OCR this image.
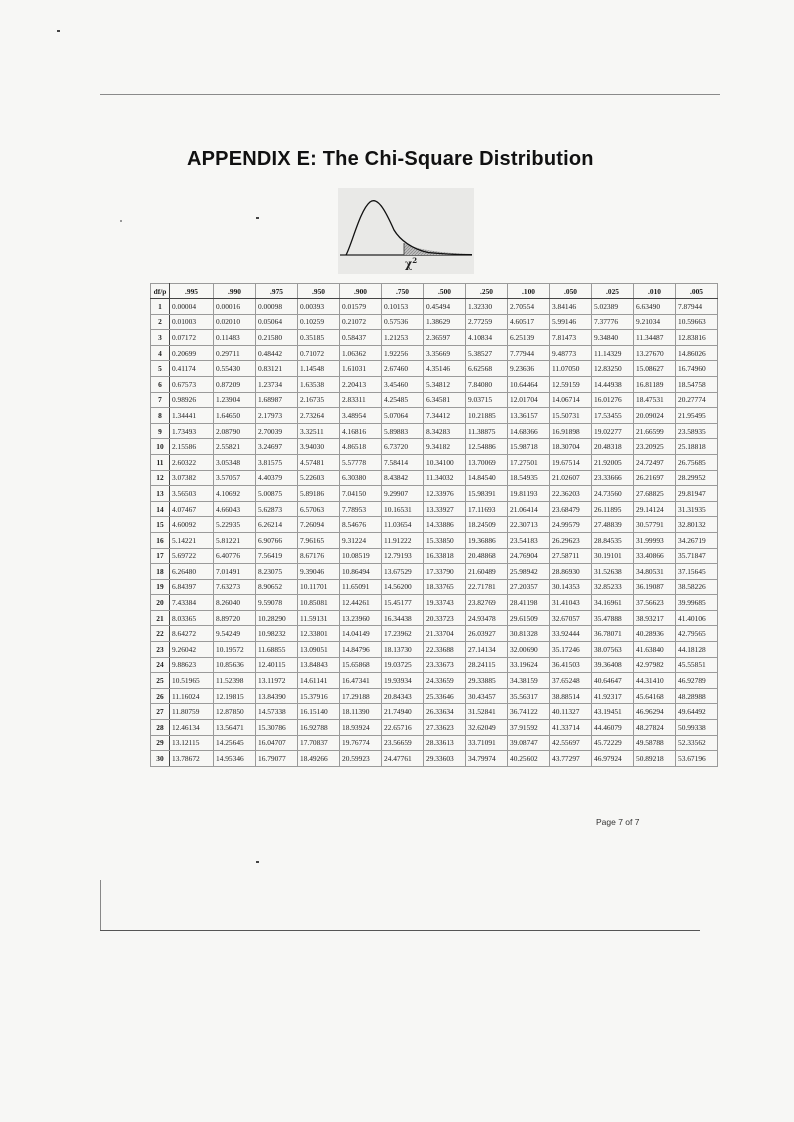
APPENDIX E: The Chi-Square Distribution
$\chi^2$
df/p	.995	.990	.975	.950	.900	.750	.500	.250	.100	.050	.025	.010	.005
1	0.00004	0.00016	0.00098	0.00393	0.01579	0.10153	0.45494	1.32330	2.70554	3.84146	5.02389	6.63490	7.87944
2	0.01003	0.02010	0.05064	0.10259	0.21072	0.57536	1.38629	2.77259	4.60517	5.99146	7.37776	9.21034	10.59663
3	0.07172	0.11483	0.21580	0.35185	0.58437	1.21253	2.36597	4.10834	6.25139	7.81473	9.34840	11.34487	12.83816
4	0.20699	0.29711	0.48442	0.71072	1.06362	1.92256	3.35669	5.38527	7.77944	9.48773	11.14329	13.27670	14.86026
5	0.41174	0.55430	0.83121	1.14548	1.61031	2.67460	4.35146	6.62568	9.23636	11.07050	12.83250	15.08627	16.74960
6	0.67573	0.87209	1.23734	1.63538	2.20413	3.45460	5.34812	7.84080	10.64464	12.59159	14.44938	16.81189	18.54758
7	0.98926	1.23904	1.68987	2.16735	2.83311	4.25485	6.34581	9.03715	12.01704	14.06714	16.01276	18.47531	20.27774
8	1.34441	1.64650	2.17973	2.73264	3.48954	5.07064	7.34412	10.21885	13.36157	15.50731	17.53455	20.09024	21.95495
9	1.73493	2.08790	2.70039	3.32511	4.16816	5.89883	8.34283	11.38875	14.68366	16.91898	19.02277	21.66599	23.58935
10	2.15586	2.55821	3.24697	3.94030	4.86518	6.73720	9.34182	12.54886	15.98718	18.30704	20.48318	23.20925	25.18818
11	2.60322	3.05348	3.81575	4.57481	5.57778	7.58414	10.34100	13.70069	17.27501	19.67514	21.92005	24.72497	26.75685
12	3.07382	3.57057	4.40379	5.22603	6.30380	8.43842	11.34032	14.84540	18.54935	21.02607	23.33666	26.21697	28.29952
13	3.56503	4.10692	5.00875	5.89186	7.04150	9.29907	12.33976	15.98391	19.81193	22.36203	24.73560	27.68825	29.81947
14	4.07467	4.66043	5.62873	6.57063	7.78953	10.16531	13.33927	17.11693	21.06414	23.68479	26.11895	29.14124	31.31935
15	4.60092	5.22935	6.26214	7.26094	8.54676	11.03654	14.33886	18.24509	22.30713	24.99579	27.48839	30.57791	32.80132
16	5.14221	5.81221	6.90766	7.96165	9.31224	11.91222	15.33850	19.36886	23.54183	26.29623	28.84535	31.99993	34.26719
17	5.69722	6.40776	7.56419	8.67176	10.08519	12.79193	16.33818	20.48868	24.76904	27.58711	30.19101	33.40866	35.71847
18	6.26480	7.01491	8.23075	9.39046	10.86494	13.67529	17.33790	21.60489	25.98942	28.86930	31.52638	34.80531	37.15645
19	6.84397	7.63273	8.90652	10.11701	11.65091	14.56200	18.33765	22.71781	27.20357	30.14353	32.85233	36.19087	38.58226
20	7.43384	8.26040	9.59078	10.85081	12.44261	15.45177	19.33743	23.82769	28.41198	31.41043	34.16961	37.56623	39.99685
21	8.03365	8.89720	10.28290	11.59131	13.23960	16.34438	20.33723	24.93478	29.61509	32.67057	35.47888	38.93217	41.40106
22	8.64272	9.54249	10.98232	12.33801	14.04149	17.23962	21.33704	26.03927	30.81328	33.92444	36.78071	40.28936	42.79565
23	9.26042	10.19572	11.68855	13.09051	14.84796	18.13730	22.33688	27.14134	32.00690	35.17246	38.07563	41.63840	44.18128
24	9.88623	10.85636	12.40115	13.84843	15.65868	19.03725	23.33673	28.24115	33.19624	36.41503	39.36408	42.97982	45.55851
25	10.51965	11.52398	13.11972	14.61141	16.47341	19.93934	24.33659	29.33885	34.38159	37.65248	40.64647	44.31410	46.92789
26	11.16024	12.19815	13.84390	15.37916	17.29188	20.84343	25.33646	30.43457	35.56317	38.88514	41.92317	45.64168	48.28988
27	11.80759	12.87850	14.57338	16.15140	18.11390	21.74940	26.33634	31.52841	36.74122	40.11327	43.19451	46.96294	49.64492
28	12.46134	13.56471	15.30786	16.92788	18.93924	22.65716	27.33623	32.62049	37.91592	41.33714	44.46079	48.27824	50.99338
29	13.12115	14.25645	16.04707	17.70837	19.76774	23.56659	28.33613	33.71091	39.08747	42.55697	45.72229	49.58788	52.33562
30	13.78672	14.95346	16.79077	18.49266	20.59923	24.47761	29.33603	34.79974	40.25602	43.77297	46.97924	50.89218	53.67196
Page 7 of 7
